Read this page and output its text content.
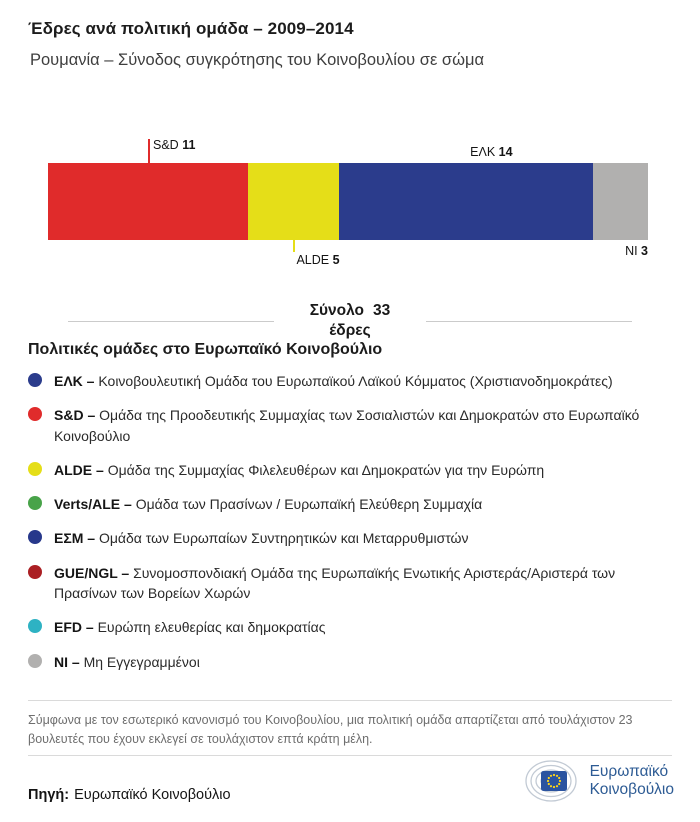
Έδρες ανά πολιτική ομάδα – 2009–2014
Ρουμανία – Σύνοδος συγκρότησης του Κοινοβουλίου σε σώμα
S&D 11
ALDE 5
ΕΛΚ 14
NI 3
Σύνολο 33
έδρες
Πολιτικές ομάδες στο Ευρωπαϊκό Κοινοβούλιο

ΕΛΚ – Κοινοβουλευτική Ομάδα του Ευρωπαϊκού Λαϊκού Κόμματος (Χριστιανοδημοκράτες)

S&D – Ομάδα της Προοδευτικής Συμμαχίας των Σοσιαλιστών και Δημοκρατών στο Ευρωπαϊκό Κοινοβούλιο

ALDE – Ομάδα της Συμμαχίας Φιλελευθέρων και Δημοκρατών για την Ευρώπη

Verts/ALE – Ομάδα των Πρασίνων / Ευρωπαϊκή Ελεύθερη Συμμαχία

ΕΣΜ – Ομάδα των Ευρωπαίων Συντηρητικών και Μεταρρυθμιστών

GUE/NGL – Συνομοσπονδιακή Ομάδα της Ευρωπαϊκής Ενωτικής Αριστεράς/Αριστερά των Πρασίνων των Βορείων Χωρών

EFD – Ευρώπη ελευθερίας και δημοκρατίας

NI – Μη Εγγεγραμμένοι

Σύμφωνα με τον εσωτερικό κανονισμό του Κοινοβουλίου, μια πολιτική ομάδα απαρτίζεται από τουλάχιστον 23 βουλευτές που έχουν εκλεγεί σε τουλάχιστον επτά κράτη μέλη.

Πηγή: Ευρωπαϊκό Κοινοβούλιο

Ευρωπαϊκό
Κοινοβούλιο
